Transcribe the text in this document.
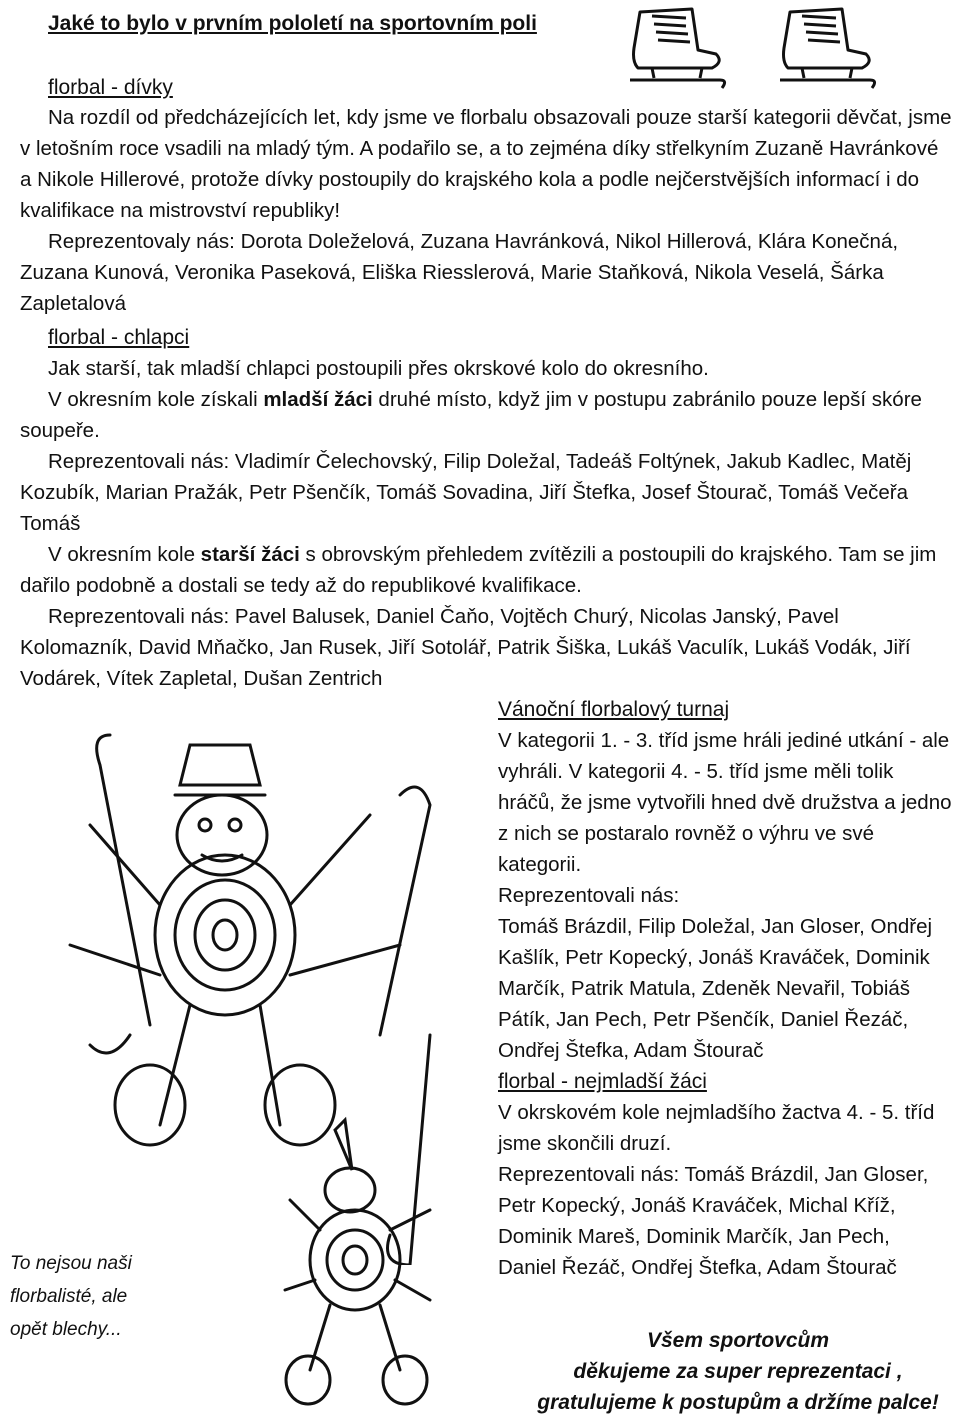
Jaké to bylo v prvním pololetí na sportovním poli
florbal - dívky

Na rozdíl od předcházejících let, kdy jsme ve florbalu obsazovali pouze starší kategorii děvčat, jsme v letošním roce vsadili na mladý tým. A podařilo se, a to zejména díky střelkyním Zuzaně Havránkové a Nikole Hillerové, protože dívky postoupily do krajského kola a podle nejčerstvějších informací i do kvalifikace na mistrovství republiky!

Reprezentovaly nás: Dorota Doleželová, Zuzana Havránková, Nikol Hillerová, Klára Konečná, Zuzana Kunová, Veronika Paseková, Eliška Riesslerová, Marie Staňková, Nikola Veselá, Šárka Zapletalová

florbal - chlapci

Jak starší, tak mladší chlapci postoupili přes okrskové kolo do okresního.

V okresním kole získali mladší žáci druhé místo, když jim v postupu zabránilo pouze lepší skóre soupeře.

Reprezentovali nás: Vladimír Čelechovský, Filip Doležal, Tadeáš Foltýnek, Jakub Kadlec, Matěj Kozubík, Marian Pražák, Petr Pšenčík, Tomáš Sovadina, Jiří Štefka, Josef Štourač, Tomáš Večeřa Tomáš

V okresním kole starší žáci s obrovským přehledem zvítězili a postoupili do krajského. Tam se jim dařilo podobně a dostali se tedy až do republikové kvalifikace.

Reprezentovali nás: Pavel Balusek, Daniel Čaňo, Vojtěch Churý, Nicolas Janský, Pavel Kolomazník, David Mňačko, Jan Rusek, Jiří Sotolář, Patrik Šiška, Lukáš Vaculík, Lukáš Vodák, Jiří Vodárek, Vítek Zapletal, Dušan Zentrich

Vánoční florbalový turnaj

V kategorii 1. - 3. tříd jsme hráli jediné utkání - ale vyhráli. V kategorii 4. - 5. tříd jsme měli tolik hráčů, že jsme vytvořili hned dvě družstva a jedno z nich se postaralo rovněž o výhru ve své kategorii.

Reprezentovali nás:

Tomáš Brázdil, Filip Doležal, Jan Gloser, Ondřej Kašlík, Petr Kopecký, Jonáš Kraváček, Dominik Marčík, Patrik Matula, Zdeněk Nevařil, Tobiáš Pátík, Jan Pech, Petr Pšenčík, Daniel Řezáč, Ondřej Štefka, Adam Štourač

florbal - nejmladší žáci

V okrskovém kole nejmladšího žactva 4. - 5. tříd jsme skončili druzí.

Reprezentovali nás: Tomáš Brázdil, Jan Gloser, Petr Kopecký, Jonáš Kraváček, Michal Kříž, Dominik Mareš, Dominik Marčík, Jan Pech, Daniel Řezáč, Ondřej Štefka, Adam Štourač

To nejsou naši
florbalisté, ale
opět blechy...	Všem sportovcům
děkujeme za super reprezentaci ,
gratulujeme k postupům a držíme palce!
